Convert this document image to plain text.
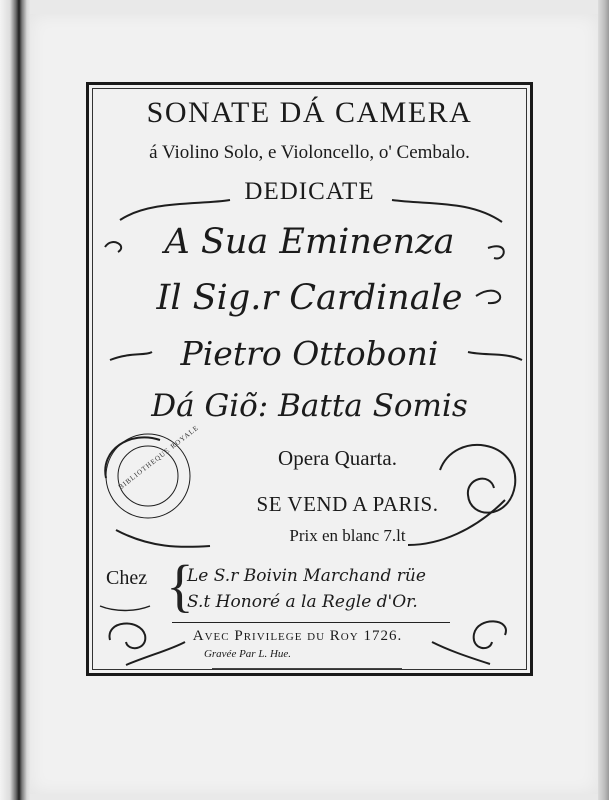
BIBLIOTHEQUE ROYALE
SONATE DÁ CAMERA
á Violino Solo, e Violoncello, o' Cembalo.
DEDICATE
A Sua Eminenza
Il Sig.r Cardinale
Pietro Ottoboni
Dá Giõ: Batta Somis
Opera Quarta.
SE VEND A PARIS.
Prix en blanc 7.lt
Chez {
Le S.r Boivin Marchand rüe
S.t Honoré a la Regle d'Or.
Avec Privilege du Roy 1726.
Gravée Par L. Hue.
